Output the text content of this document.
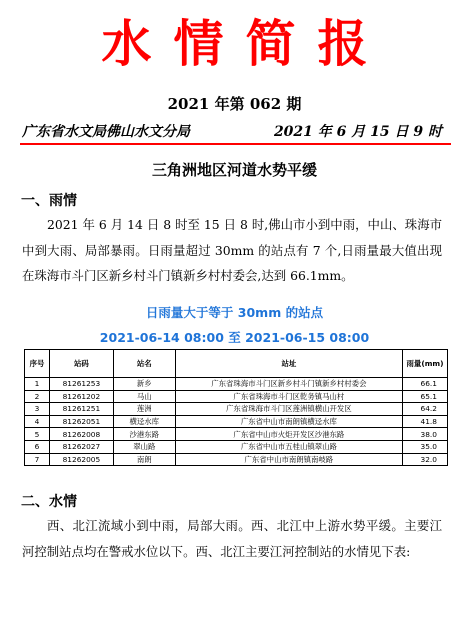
水情简报
2021 年第 062 期
广东省水文局佛山水文分局	2021 年 6 月 15 日 9 时
三角洲地区河道水势平缓
一、雨情
2021 年 6 月 14 日 8 时至 15 日 8 时,佛山市小到中雨，中山、珠海市中到大雨、局部暴雨。日雨量超过 30mm 的站点有 7 个,日雨量最大值出现在珠海市斗门区新乡村斗门镇新乡村村委会,达到 66.1mm。
日雨量大于等于 30mm 的站点
2021-06-14 08:00 至 2021-06-15 08:00
序号	站码	站名	站址	雨量(mm)
1	81261253	新乡	广东省珠海市斗门区新乡村斗门镇新乡村村委会	66.1
2	81261202	马山	广东省珠海市斗门区乾务镇马山村	65.1
3	81261251	莲洲	广东省珠海市斗门区莲洲镇横山开发区	64.2
4	81262051	横迳水库	广东省中山市南朗镇横迳水库	41.8
5	81262008	沙港东路	广东省中山市火炬开发区沙港东路	38.0
6	81262027	翠山路	广东省中山市五桂山镇翠山路	35.0
7	81262005	南朗	广东省中山市南朗镇南岐路	32.0
二、水情
西、北江流域小到中雨，局部大雨。西、北江中上游水势平缓。主要江河控制站点均在警戒水位以下。西、北江主要江河控制站的水情见下表:
